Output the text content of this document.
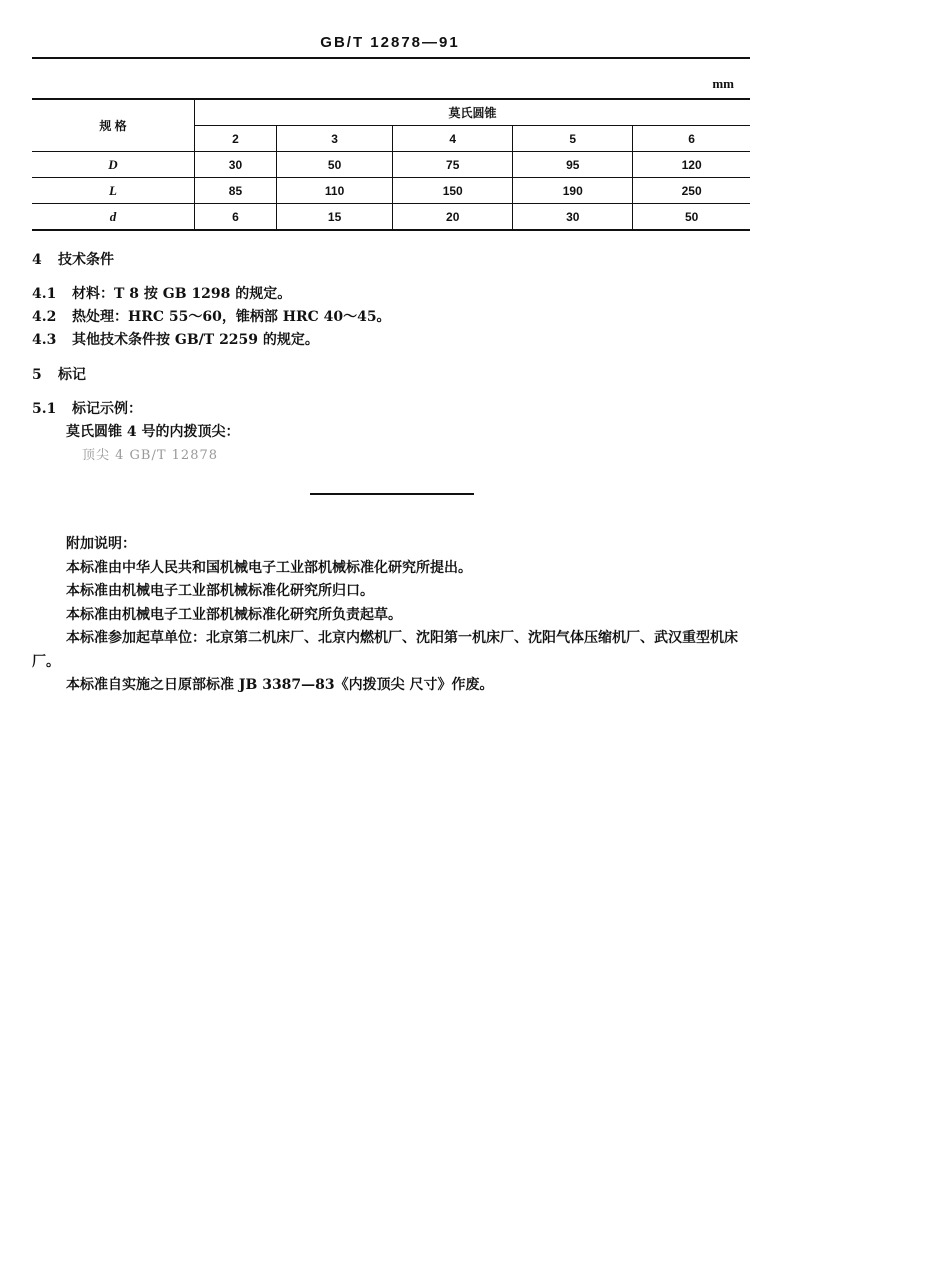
GB/T 12878—91
mm
规 格	莫氏圆锥				
	2	3	4	5	6
D	30	50	75	95	120
L	85	110	150	190	250
d	6	15	20	30	50
4 技术条件
4.1 材料：T 8 按 GB 1298 的规定。
4.2 热处理：HRC 55～60，锥柄部 HRC 40～45。
4.3 其他技术条件按 GB/T 2259 的规定。
5 标记
5.1 标记示例：
莫氏圆锥 4 号的内拨顶尖：
顶尖 4 GB/T 12878

附加说明：

本标准由中华人民共和国机械电子工业部机械标准化研究所提出。

本标准由机械电子工业部机械标准化研究所归口。

本标准由机械电子工业部机械标准化研究所负责起草。

本标准参加起草单位：北京第二机床厂、北京内燃机厂、沈阳第一机床厂、沈阳气体压缩机厂、武汉重型机床厂。

本标准自实施之日原部标准 JB 3387—83《内拨顶尖 尺寸》作废。
